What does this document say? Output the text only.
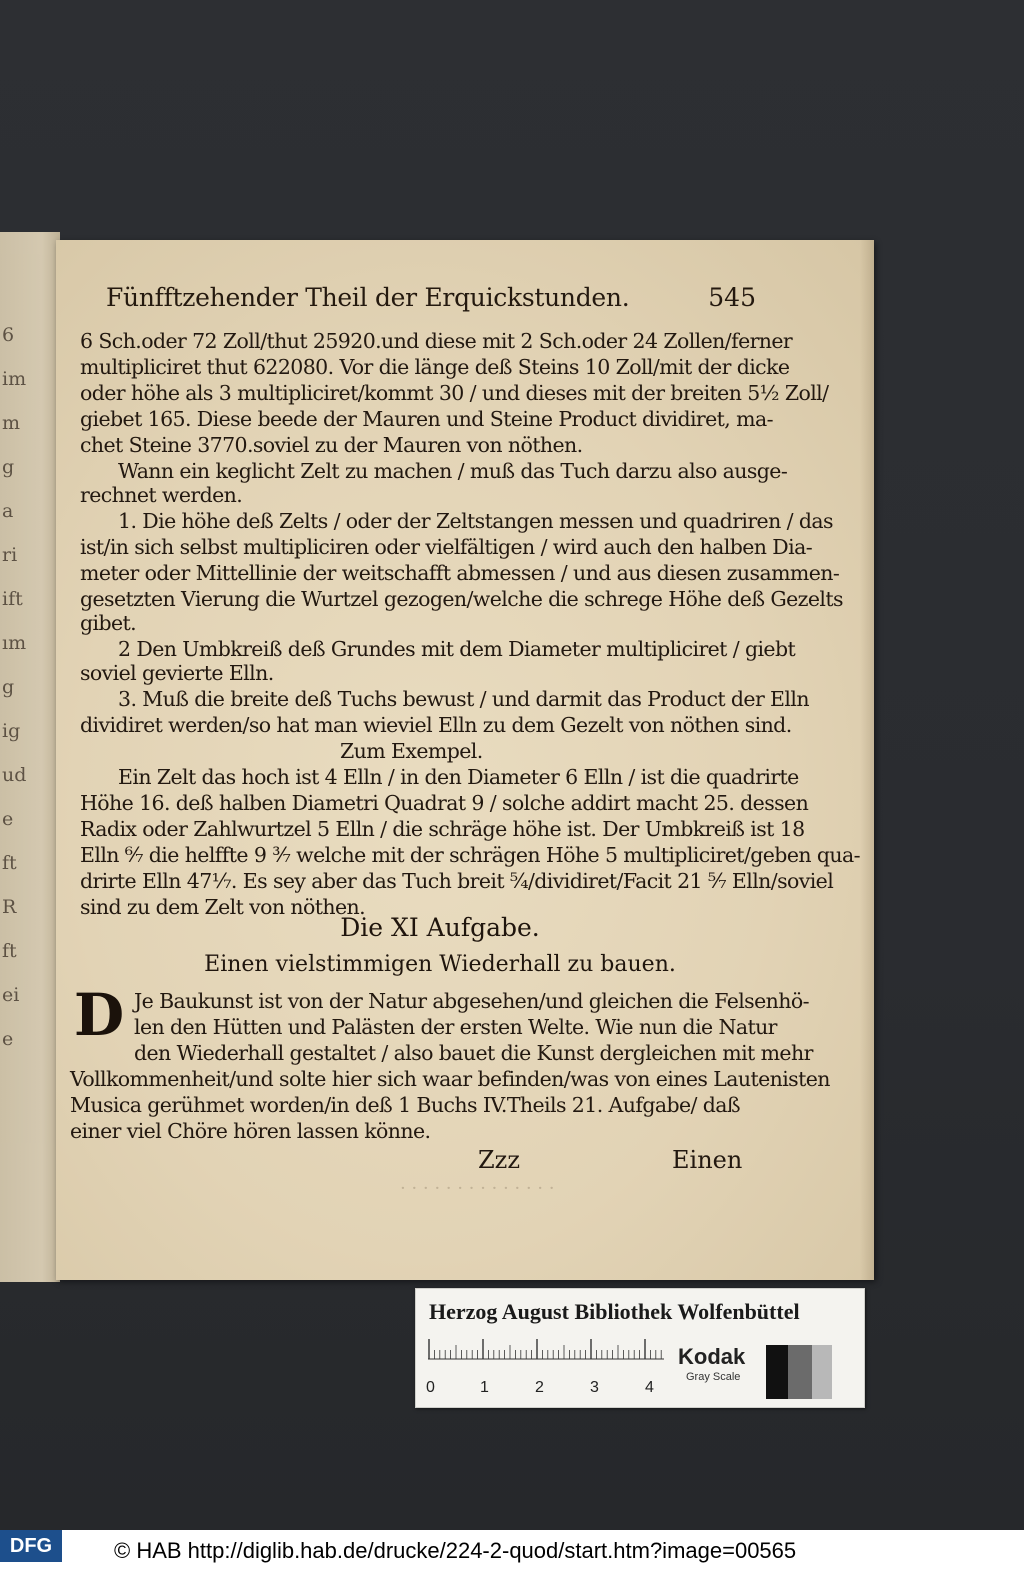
6
im
m
g
a
ri
ift
ım
g
ig
ud
e
ft
R
ft
ei
e
· · · · · · · · · · · · · ·
Fünfftzehender Theil der Erquickstunden.	545
6 Sch.oder 72 Zoll/thut 25920.und diese mit 2 Sch.oder 24 Zollen/ferner
multipliciret thut 622080. Vor die länge deß Steins 10 Zoll/mit der dicke
oder höhe als 3 multipliciret/kommt 30 / und dieses mit der breiten 5½ Zoll/
giebet 165. Diese beede der Mauren und Steine Product dividiret, ma-
chet Steine 3770.soviel zu der Mauren von nöthen.
Wann ein keglicht Zelt zu machen / muß das Tuch darzu also ausge-
rechnet werden.
1. Die höhe deß Zelts / oder der Zeltstangen messen und quadriren / das
ist/in sich selbst multipliciren oder vielfältigen / wird auch den halben Dia-
meter oder Mittellinie der weitschafft abmessen / und aus diesen zusammen-
gesetzten Vierung die Wurtzel gezogen/welche die schrege Höhe deß Gezelts
gibet.
2 Den Umbkreiß deß Grundes mit dem Diameter multipliciret / giebt
soviel gevierte Elln.
3. Muß die breite deß Tuchs bewust / und darmit das Product der Elln
dividiret werden/so hat man wieviel Elln zu dem Gezelt von nöthen sind.
Zum Exempel.
Ein Zelt das hoch ist 4 Elln / in den Diameter 6 Elln / ist die quadrirte
Höhe 16. deß halben Diametri Quadrat 9 / solche addirt macht 25. dessen
Radix oder Zahlwurtzel 5 Elln / die schräge höhe ist. Der Umbkreiß ist 18
Elln ⁶⁄₇ die helffte 9 ³⁄₇ welche mit der schrägen Höhe 5 multipliciret/geben qua-
drirte Elln 47⅐. Es sey aber das Tuch breit ⁵⁄₄/dividiret/Facit 21 ⁵⁄₇ Elln/soviel
sind zu dem Zelt von nöthen.
Die XI Aufgabe.
Einen vielstimmigen Wiederhall zu bauen.
D Je Baukunst ist von der Natur abgesehen/und gleichen die Felsenhö-
len den Hütten und Palästen der ersten Welte. Wie nun die Natur
den Wiederhall gestaltet / also bauet die Kunst dergleichen mit mehr
Vollkommenheit/und solte hier sich waar befinden/was von eines Lautenisten
Musica gerühmet worden/in deß 1 Buchs IV.Theils 21. Aufgabe/ daß
einer viel Chöre hören lassen könne.
Zzz	Einen
Herzog August Bibliothek Wolfenbüttel
0	1	2	3	4
Kodak
Gray Scale
DFG	© HAB http://diglib.hab.de/drucke/224-2-quod/start.htm?image=00565
